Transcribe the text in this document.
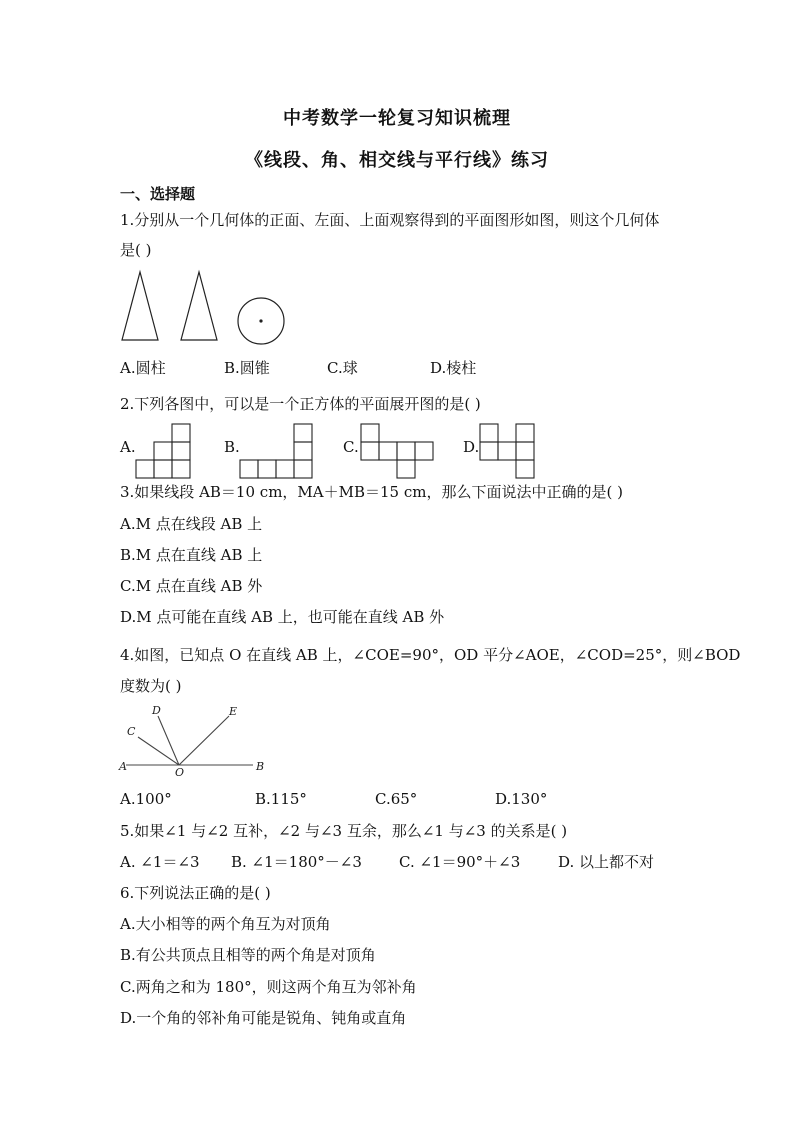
中考数学一轮复习知识梳理
《线段、角、相交线与平行线》练习
一、选择题
1.分别从一个几何体的正面、左面、上面观察得到的平面图形如图，则这个几何体
是( )
A.圆柱	B.圆锥	C.球	D.棱柱
2.下列各图中，可以是一个正方体的平面展开图的是( )
A.	B.	C.	D.
3.如果线段 AB＝10 cm，MA＋MB＝15 cm，那么下面说法中正确的是( )
A.M 点在线段 AB 上
B.M 点在直线 AB 上
C.M 点在直线 AB 外
D.M 点可能在直线 AB 上，也可能在直线 AB 外
4.如图，已知点 O 在直线 AB 上，∠COE=90°，OD 平分∠AOE，∠COD=25°，则∠BOD
度数为( )
A	B
C
D	E
O
A.100°	B.115°	C.65°	D.130°
5.如果∠1 与∠2 互补，∠2 与∠3 互余，那么∠1 与∠3 的关系是( )
A. ∠1＝∠3 B. ∠1＝180°－∠3 C. ∠1＝90°＋∠3	D. 以上都不对
6.下列说法正确的是( )
A.大小相等的两个角互为对顶角
B.有公共顶点且相等的两个角是对顶角
C.两角之和为 180°，则这两个角互为邻补角
D.一个角的邻补角可能是锐角、钝角或直角
